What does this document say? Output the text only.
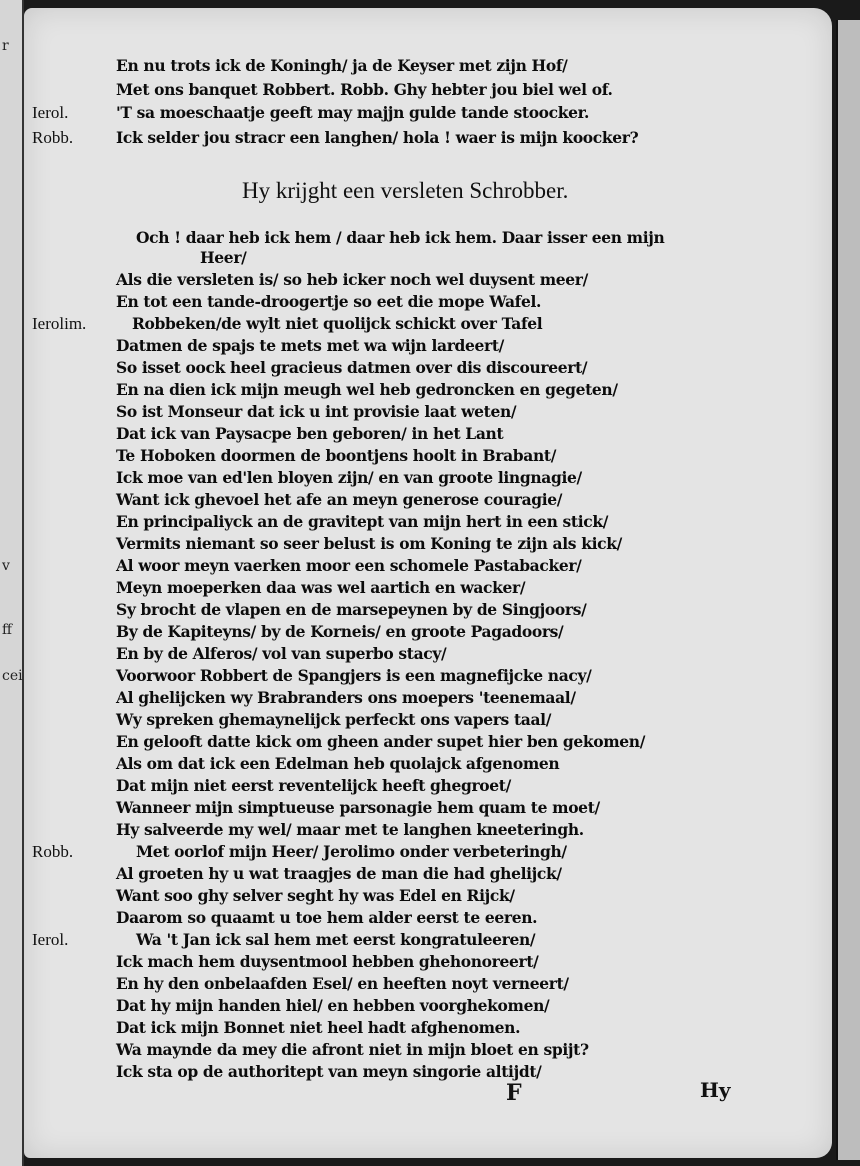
r
v
ff
cei
En nu trots ick de Koningh/ ja de Keyser met zijn Hof/
Met ons banquet Robbert. Robb. Ghy hebter jou biel wel of.
Ierol.	'T sa moeschaatje geeft may majjn gulde tande stoocker.
Robb.	Ick selder jou stracr een langhen/ hola ! waer is mijn koocker?
Hy krijght een versleten Schrobber.
Och ! daar heb ick hem / daar heb ick hem. Daar isser een mijn
Heer/
Als die versleten is/ so heb icker noch wel duysent meer/
En tot een tande-droogertje so eet die mope Wafel.
Ierolim.	Robbeken/de wylt niet quolijck schickt over Tafel
Datmen de spajs te mets met wa wijn lardeert/
So isset oock heel gracieus datmen over dis discoureert/
En na dien ick mijn meugh wel heb gedroncken en gegeten/
So ist Monseur dat ick u int provisie laat weten/
Dat ick van Paysacpe ben geboren/ in het Lant
Te Hoboken doormen de boontjens hoolt in Brabant/
Ick moe van ed'len bloyen zijn/ en van groote lingnagie/
Want ick ghevoel het afe an meyn generose couragie/
En principaliyck an de gravitept van mijn hert in een stick/
Vermits niemant so seer belust is om Koning te zijn als kick/
Al woor meyn vaerken moor een schomele Pastabacker/
Meyn moeperken daa was wel aartich en wacker/
Sy brocht de vlapen en de marsepeynen by de Singjoors/
By de Kapiteyns/ by de Korneis/ en groote Pagadoors/
En by de Alferos/ vol van superbo stacy/
Voorwoor Robbert de Spangjers is een magnefijcke nacy/
Al ghelijcken wy Brabranders ons moepers 'teenemaal/
Wy spreken ghemaynelijck perfeckt ons vapers taal/
En gelooft datte kick om gheen ander supet hier ben gekomen/
Als om dat ick een Edelman heb quolajck afgenomen
Dat mijn niet eerst reventelijck heeft ghegroet/
Wanneer mijn simptueuse parsonagie hem quam te moet/
Hy salveerde my wel/ maar met te langhen kneeteringh.
Robb.	Met oorlof mijn Heer/ Jerolimo onder verbeteringh/
Al groeten hy u wat traagjes de man die had ghelijck/
Want soo ghy selver seght hy was Edel en Rijck/
Daarom so quaamt u toe hem alder eerst te eeren.
Ierol.	Wa 't Jan ick sal hem met eerst kongratuleeren/
Ick mach hem duysentmool hebben ghehonoreert/
En hy den onbelaafden Esel/ en heeften noyt verneert/
Dat hy mijn handen hiel/ en hebben voorghekomen/
Dat ick mijn Bonnet niet heel hadt afghenomen.
Wa maynde da mey die afront niet in mijn bloet en spijt?
Ick sta op de authoritept van meyn singorie altijdt/
F	Hy
